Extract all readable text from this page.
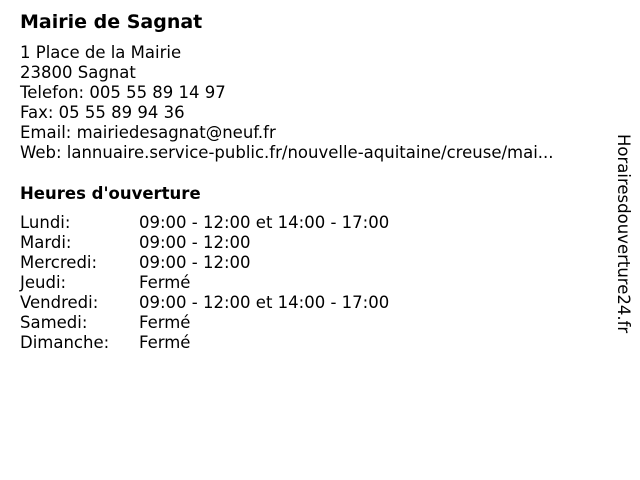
Mairie de Sagnat
1 Place de la Mairie
23800 Sagnat
Telefon: 005 55 89 14 97
Fax: 05 55 89 94 36
Email: mairiedesagnat@neuf.fr
Web: lannuaire.service-public.fr/nouvelle-aquitaine/creuse/mai...
Heures d'ouverture
Lundi:	09:00 - 12:00 et 14:00 - 17:00
Mardi:	09:00 - 12:00
Mercredi:	09:00 - 12:00
Jeudi:	Fermé
Vendredi: 09:00 - 12:00 et 14:00 - 17:00
Samedi:	Fermé
Dimanche: Fermé
Horairesdouverture24.fr
